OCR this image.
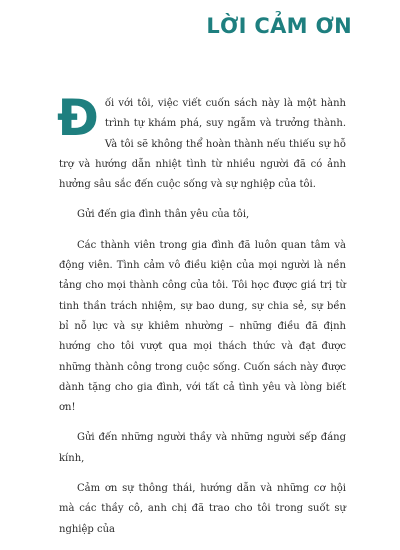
LỜI CẢM ƠN

Đối với tôi, việc viết cuốn sách này là một hành trình tự khám phá, suy ngẫm và trưởng thành. Và tôi sẽ không thể hoàn thành nếu thiếu sự hỗ trợ và hướng dẫn nhiệt tình từ nhiều người đã có ảnh hưởng sâu sắc đến cuộc sống và sự nghiệp của tôi.

Gửi đến gia đình thân yêu của tôi,

Các thành viên trong gia đình đã luôn quan tâm và động viên. Tình cảm vô điều kiện của mọi người là nền tảng cho mọi thành công của tôi. Tôi học được giá trị từ tinh thần trách nhiệm, sự bao dung, sự chia sẻ, sự bền bỉ nỗ lực và sự khiêm nhường – những điều đã định hướng cho tôi vượt qua mọi thách thức và đạt được những thành công trong cuộc sống. Cuốn sách này được dành tặng cho gia đình, với tất cả tình yêu và lòng biết ơn!

Gửi đến những người thầy và những người sếp đáng kính,

Cảm ơn sự thông thái, hướng dẫn và những cơ hội mà các thầy cô, anh chị đã trao cho tôi trong suốt sự nghiệp của
